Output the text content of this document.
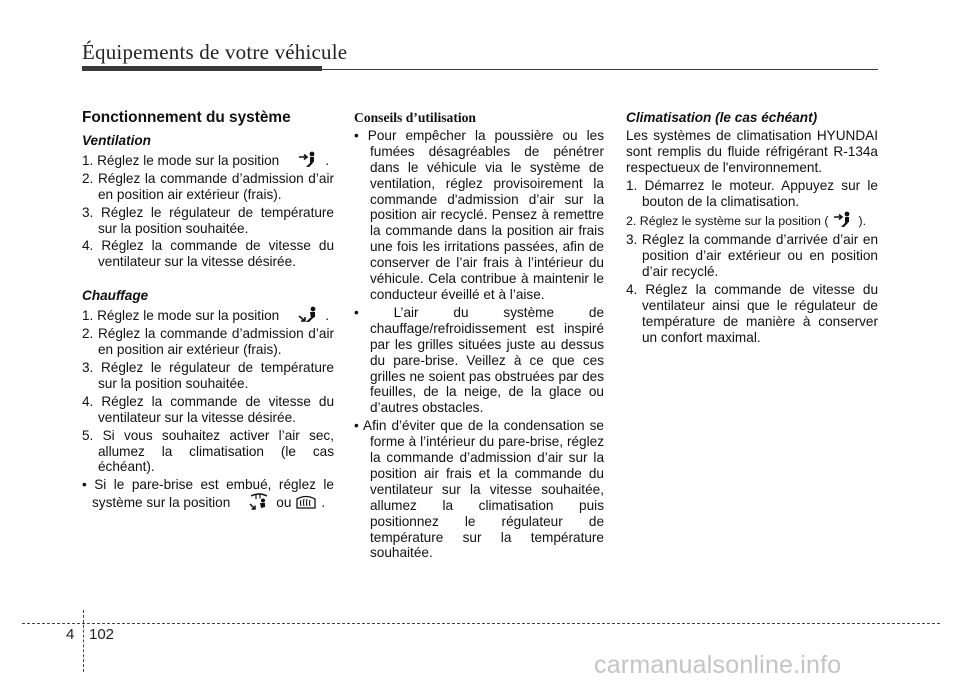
Équipements de votre véhicule
Fonctionnement du système
Ventilation
1. Réglez le mode sur la position	.
2. Réglez la commande d’admission d’air en position air extérieur (frais).
3. Réglez le régulateur de température sur la position souhaitée.
4. Réglez la commande de vitesse du ventilateur sur la vitesse désirée.
Chauffage
1. Réglez le mode sur la position	.
2. Réglez la commande d’admission d’air en position air extérieur (frais).
3. Réglez le régulateur de température sur la position souhaitée.
4. Réglez la commande de vitesse du ventilateur sur la vitesse désirée.
5. Si vous souhaitez activer l’air sec, allumez la climatisation (le cas échéant).
• Si le pare-brise est embué, réglez le système sur la position	ou .
Conseils d’utilisation
• Pour empêcher la poussière ou les fumées désagréables de pénétrer dans le véhicule via le système de ventilation, réglez provisoirement la commande d'admission d’air sur la position air recyclé. Pensez à remettre la commande dans la position air frais une fois les irritations passées, afin de conserver de l’air frais à l’intérieur du véhicule. Cela contribue à maintenir le conducteur éveillé et à l’aise.
• L’air du système de chauffage/refroidissement est inspiré par les grilles situées juste au dessus du pare-brise. Veillez à ce que ces grilles ne soient pas obstruées par des feuilles, de la neige, de la glace ou d’autres obstacles.
• Afin d’éviter que de la condensation se forme à l’intérieur du pare-brise, réglez la commande d’admission d’air sur la position air frais et la commande du ventilateur sur la vitesse souhaitée, allumez la climatisation puis positionnez le régulateur de température sur la température souhaitée.
Climatisation (le cas échéant)
Les systèmes de climatisation HYUNDAI sont remplis du fluide réfrigérant R-134a respectueux de l'environnement.
1. Démarrez le moteur. Appuyez sur le bouton de la climatisation.
2. Réglez le système sur la position ( ).
3. Réglez la commande d’arrivée d’air en position d’air extérieur ou en position d’air recyclé.
4. Réglez la commande de vitesse du ventilateur ainsi que le régulateur de température de manière à conserver un confort maximal.
4 102
carmanualsonline.info
